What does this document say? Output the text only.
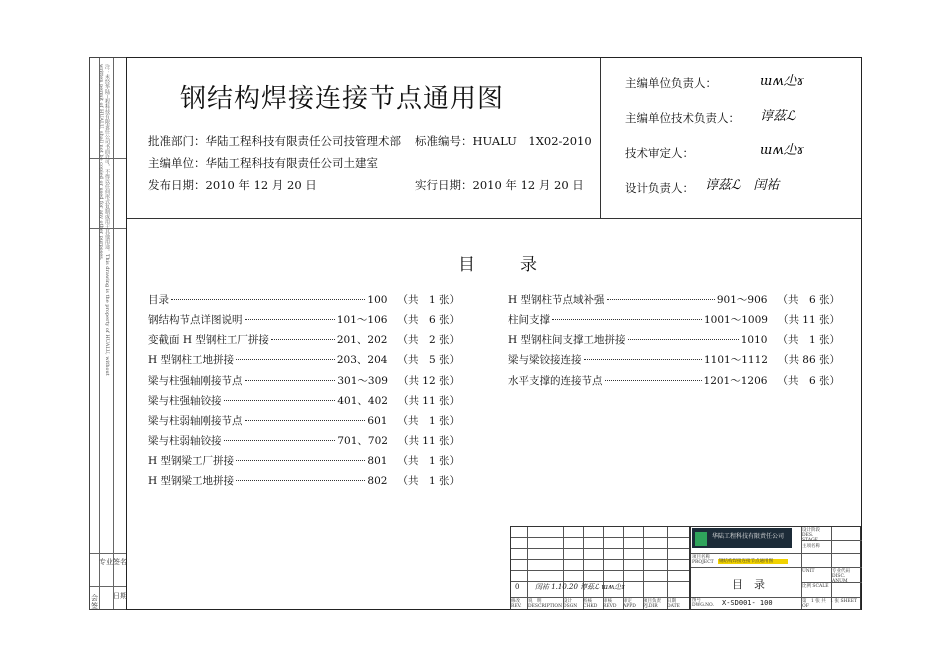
注：未经华陆工程科技有限责任公司书面许可，不得以任何形式复制或用于其他用途。This drawing is the property of HUALU, without written permit of HUALU, shall not be copied or used for any other purposes.
会
签
专业 签名
日期
钢结构焊接连接节点通用图
批准部门：华陆工程科技有限责任公司技管理术部 标准编号：HUALU　1X02-2010
主编单位：华陆工程科技有限责任公司土建室
发布日期：2010 年 12 月 20 日	实行日期：2010 年 12 月 20 日
主编单位负责人：	ɯʍ尐ɤ
主编单位技术负责人： 谆茲ℒ
技术审定人：	ɯʍ尐ɤ
设计负责人： 谆茲ℒ　闰祐
目　录
目录	100 （共　1 张）
钢结构节点详图说明	101～106 （共　6 张）
变截面 H 型钢柱工厂拼接	201、202 （共　2 张）
H 型钢柱工地拼接	203、204 （共　5 张）
梁与柱强轴刚接节点	301～309 （共 12 张）
梁与柱强轴铰接	401、402 （共 11 张）
梁与柱弱轴刚接节点	601 （共　1 张）
梁与柱弱轴铰接	701、702 （共 11 张）
H 型钢梁工厂拼接	801 （共　1 张）
H 型钢梁工地拼接	802 （共　1 张）
H 型钢柱节点域补强	901～906 （共　6 张）
柱间支撑	1001～1009 （共 11 张）
H 型钢柱间支撑工地拼接	1010 （共　1 张）
梁与梁铰接连接	1101～1112 （共 86 张）
水平支撑的连接节点	1201～1206 （共　6 张）
0 闰祐 1.10.20 谆茲ℒ ɯʍ尐ɤ
修改 REV.
说　明 DESCRIPTION
设计 DSGN
校核 CHKD
审核 REVD
审定 APPD
项目负责 PJ.DIR
日期 DATE
华陆工程科技有限责任公司
项目名称 PROJECT 钢结构焊接连接节点通用图
目　录
图号 DWG.NO. X-SD001- 100
设计阶段 DES. STAGE
主项名称
UNIT	专业代码 DISC. ANUM
比例 SCALE
第　1 张 共　1 张 SHEET　OF
